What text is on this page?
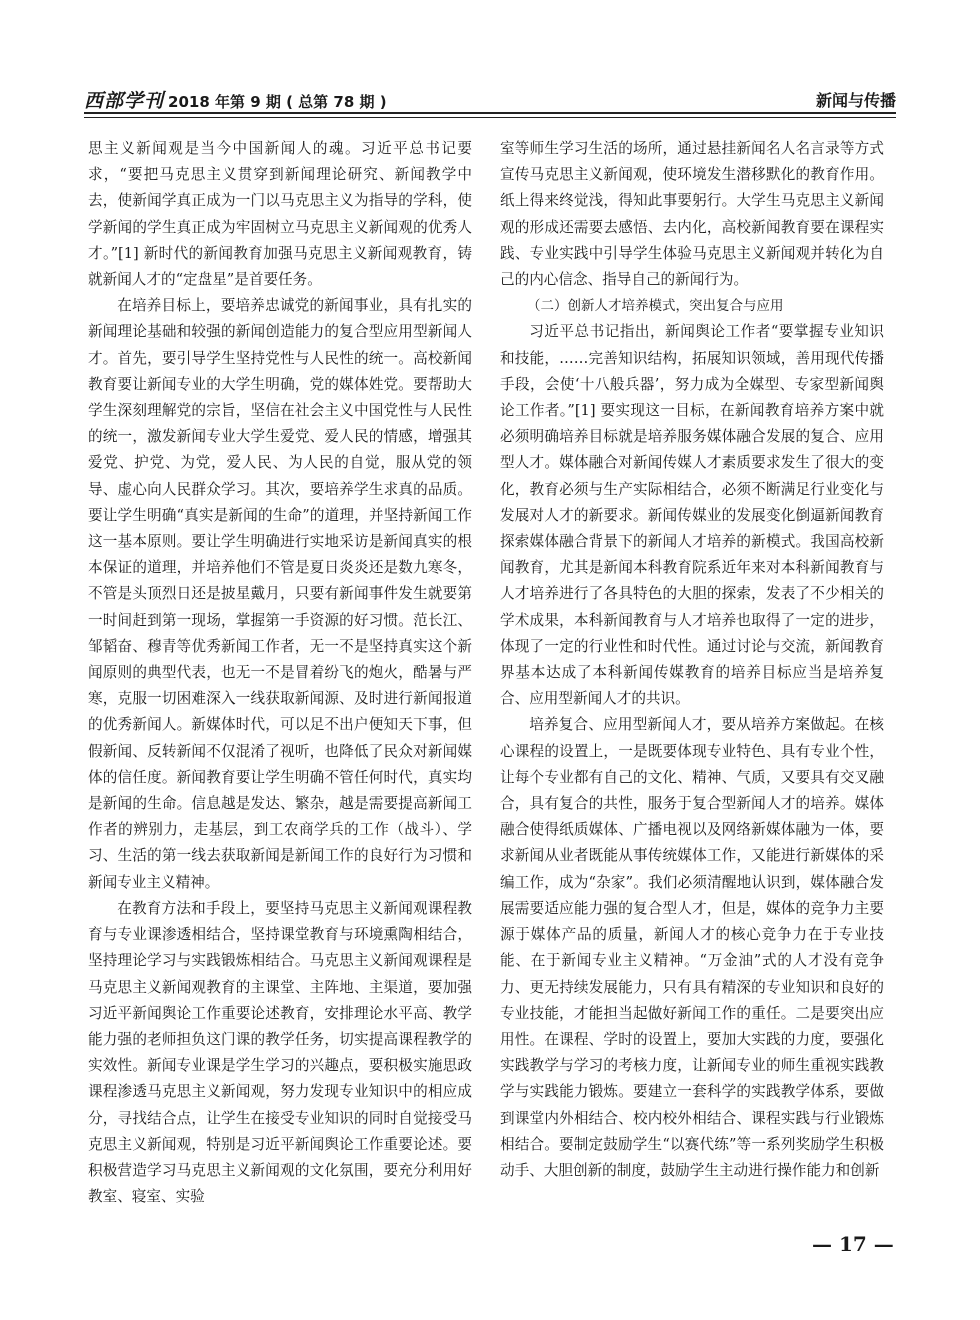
西部学刊 2018 年第 9 期 ( 总第 78 期 )	新闻与传播

思主义新闻观是当今中国新闻人的魂。习近平总书记要求，“要把马克思主义贯穿到新闻理论研究、新闻教学中去，使新闻学真正成为一门以马克思主义为指导的学科，使学新闻的学生真正成为牢固树立马克思主义新闻观的优秀人才。”[1] 新时代的新闻教育加强马克思主义新闻观教育，铸就新闻人才的“定盘星”是首要任务。

在培养目标上，要培养忠诚党的新闻事业，具有扎实的新闻理论基础和较强的新闻创造能力的复合型应用型新闻人才。首先，要引导学生坚持党性与人民性的统一。高校新闻教育要让新闻专业的大学生明确，党的媒体姓党。要帮助大学生深刻理解党的宗旨，坚信在社会主义中国党性与人民性的统一，激发新闻专业大学生爱党、爱人民的情感，增强其爱党、护党、为党，爱人民、为人民的自觉，服从党的领导、虚心向人民群众学习。其次，要培养学生求真的品质。要让学生明确“真实是新闻的生命”的道理，并坚持新闻工作这一基本原则。要让学生明确进行实地采访是新闻真实的根本保证的道理，并培养他们不管是夏日炎炎还是数九寒冬，不管是头顶烈日还是披星戴月，只要有新闻事件发生就要第一时间赶到第一现场，掌握第一手资源的好习惯。范长江、邹韬奋、穆青等优秀新闻工作者，无一不是坚持真实这个新闻原则的典型代表，也无一不是冒着纷飞的炮火，酷暑与严寒，克服一切困难深入一线获取新闻源、及时进行新闻报道的优秀新闻人。新媒体时代，可以足不出户便知天下事，但假新闻、反转新闻不仅混淆了视听，也降低了民众对新闻媒体的信任度。新闻教育要让学生明确不管任何时代，真实均是新闻的生命。信息越是发达、繁杂，越是需要提高新闻工作者的辨别力，走基层，到工农商学兵的工作（战斗）、学习、生活的第一线去获取新闻是新闻工作的良好行为习惯和新闻专业主义精神。

在教育方法和手段上，要坚持马克思主义新闻观课程教育与专业课渗透相结合，坚持课堂教育与环境熏陶相结合，坚持理论学习与实践锻炼相结合。马克思主义新闻观课程是马克思主义新闻观教育的主课堂、主阵地、主渠道，要加强习近平新闻舆论工作重要论述教育，安排理论水平高、教学能力强的老师担负这门课的教学任务，切实提高课程教学的实效性。新闻专业课是学生学习的兴趣点，要积极实施思政课程渗透马克思主义新闻观，努力发现专业知识中的相应成分，寻找结合点，让学生在接受专业知识的同时自觉接受马克思主义新闻观，特别是习近平新闻舆论工作重要论述。要积极营造学习马克思主义新闻观的文化氛围，要充分利用好教室、寝室、实验

室等师生学习生活的场所，通过悬挂新闻名人名言录等方式宣传马克思主义新闻观，使环境发生潜移默化的教育作用。纸上得来终觉浅，得知此事要躬行。大学生马克思主义新闻观的形成还需要去感悟、去内化，高校新闻教育要在课程实践、专业实践中引导学生体验马克思主义新闻观并转化为自己的内心信念、指导自己的新闻行为。

（二）创新人才培养模式，突出复合与应用

习近平总书记指出，新闻舆论工作者“要掌握专业知识和技能，……完善知识结构，拓展知识领域，善用现代传播手段，会使‘十八般兵器’，努力成为全媒型、专家型新闻舆论工作者。”[1] 要实现这一目标，在新闻教育培养方案中就必须明确培养目标就是培养服务媒体融合发展的复合、应用型人才。媒体融合对新闻传媒人才素质要求发生了很大的变化，教育必须与生产实际相结合，必须不断满足行业变化与发展对人才的新要求。新闻传媒业的发展变化倒逼新闻教育探索媒体融合背景下的新闻人才培养的新模式。我国高校新闻教育，尤其是新闻本科教育院系近年来对本科新闻教育与人才培养进行了各具特色的大胆的探索，发表了不少相关的学术成果，本科新闻教育与人才培养也取得了一定的进步，体现了一定的行业性和时代性。通过讨论与交流，新闻教育界基本达成了本科新闻传媒教育的培养目标应当是培养复合、应用型新闻人才的共识。

培养复合、应用型新闻人才，要从培养方案做起。在核心课程的设置上，一是既要体现专业特色、具有专业个性，让每个专业都有自己的文化、精神、气质，又要具有交叉融合，具有复合的共性，服务于复合型新闻人才的培养。媒体融合使得纸质媒体、广播电视以及网络新媒体融为一体，要求新闻从业者既能从事传统媒体工作，又能进行新媒体的采编工作，成为“杂家”。我们必须清醒地认识到，媒体融合发展需要适应能力强的复合型人才，但是，媒体的竞争力主要源于媒体产品的质量，新闻人才的核心竞争力在于专业技能、在于新闻专业主义精神。“万金油”式的人才没有竞争力、更无持续发展能力，只有具有精深的专业知识和良好的专业技能，才能担当起做好新闻工作的重任。二是要突出应用性。在课程、学时的设置上，要加大实践的力度，要强化实践教学与学习的考核力度，让新闻专业的师生重视实践教学与实践能力锻炼。要建立一套科学的实践教学体系，要做到课堂内外相结合、校内校外相结合、课程实践与行业锻炼相结合。要制定鼓励学生“以赛代练”等一系列奖励学生积极动手、大胆创新的制度，鼓励学生主动进行操作能力和创新

— 17 —
